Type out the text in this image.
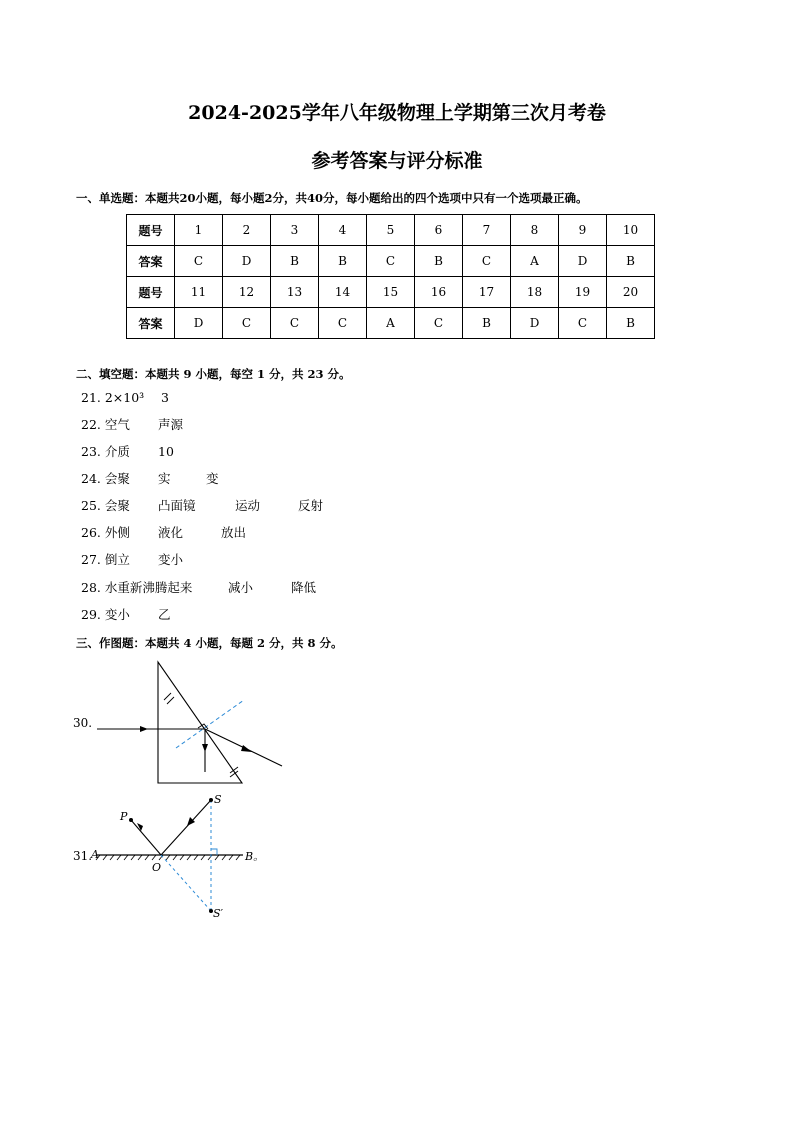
2024-2025学年八年级物理上学期第三次月考卷
参考答案与评分标准
一、单选题：本题共20小题，每小题2分，共40分，每小题给出的四个选项中只有一个选项最正确。
题号	1	2	3	4	5	6	7	8	9	10
答案	C	D	B	B	C	B	C	A	D	B
题号	11	12	13	14	15	16	17	18	19	20
答案	D	C	C	C	A	C	B	D	C	B
二、填空题：本题共 9 小题，每空 1 分，共 23 分。
21. 2×10³ 3
22. 空气 声源
23. 介质 10
24. 会聚 实	变
25. 会聚 凸面镜	运动	反射
26. 外侧 液化	放出
27. 倒立 变小
28. 水重新沸腾起来	减小	降低
29. 变小 乙
三、作图题：本题共 4 小题，每题 2 分，共 8 分。
30.
31.
S
S′
P
A	B。
O
